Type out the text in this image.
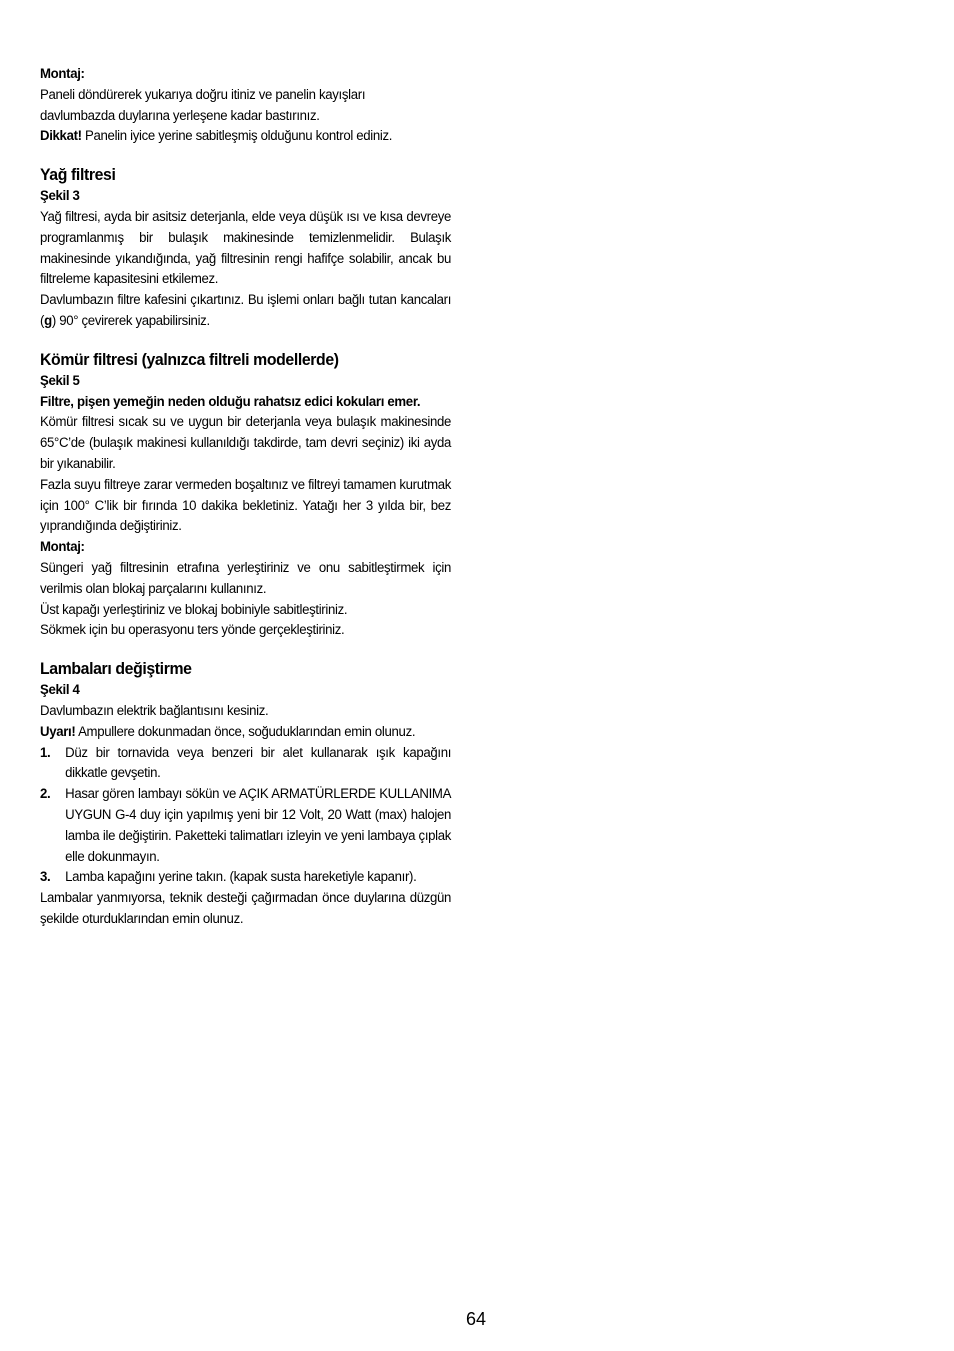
Montaj:

Paneli döndürerek yukarıya doğru itiniz ve panelin kayışları davlumbazda duylarına yerleşene kadar bastırınız.

Dikkat! Panelin iyice yerine sabitleşmiş olduğunu kontrol ediniz.

Yağ filtresi

Şekil 3

Yağ filtresi, ayda bir asitsiz deterjanla, elde veya düşük ısı ve kısa devreye programlanmış bir bulaşık makinesinde temizlenmelidir. Bulaşık makinesinde yıkandığında, yağ filtresinin rengi hafifçe solabilir, ancak bu filtreleme kapasitesini etkilemez.

Davlumbazın filtre kafesini çıkartınız. Bu işlemi onları bağlı tutan kancaları (g) 90° çevirerek yapabilirsiniz.

Kömür filtresi (yalnızca filtreli modellerde)

Şekil 5

Filtre, pişen yemeğin neden olduğu rahatsız edici kokuları emer.

Kömür filtresi sıcak su ve uygun bir deterjanla veya bulaşık makinesinde 65°C’de (bulaşık makinesi kullanıldığı takdirde, tam devri seçiniz) iki ayda bir yıkanabilir.

Fazla suyu filtreye zarar vermeden boşaltınız ve filtreyi tamamen kurutmak için 100° C’lik bir fırında 10 dakika bekletiniz. Yatağı her 3 yılda bir, bez yıprandığında değiştiriniz.

Montaj:

Süngeri yağ filtresinin etrafına yerleştiriniz ve onu sabitleştirmek için verilmis olan blokaj parçalarını kullanınız.

Üst kapağı yerleştiriniz ve blokaj bobiniyle sabitleştiriniz.

Sökmek için bu operasyonu ters yönde gerçekleştiriniz.

Lambaları değiştirme

Şekil 4

Davlumbazın elektrik bağlantısını kesiniz.

Uyarı! Ampullere dokunmadan önce, soğuduklarından emin olunuz.

1. Düz bir tornavida veya benzeri bir alet kullanarak ışık kapağını dikkatle gevşetin.
2. Hasar gören lambayı sökün ve AÇIK ARMATÜRLERDE KULLANIMA UYGUN G-4 duy için yapılmış yeni bir 12 Volt, 20 Watt (max) halojen lamba ile değiştirin. Paketteki talimatları izleyin ve yeni lambaya çıplak elle dokunmayın.
3. Lamba kapağını yerine takın. (kapak susta hareketiyle kapanır).

Lambalar yanmıyorsa, teknik desteği çağırmadan önce duylarına düzgün şekilde oturduklarından emin olunuz.

64
